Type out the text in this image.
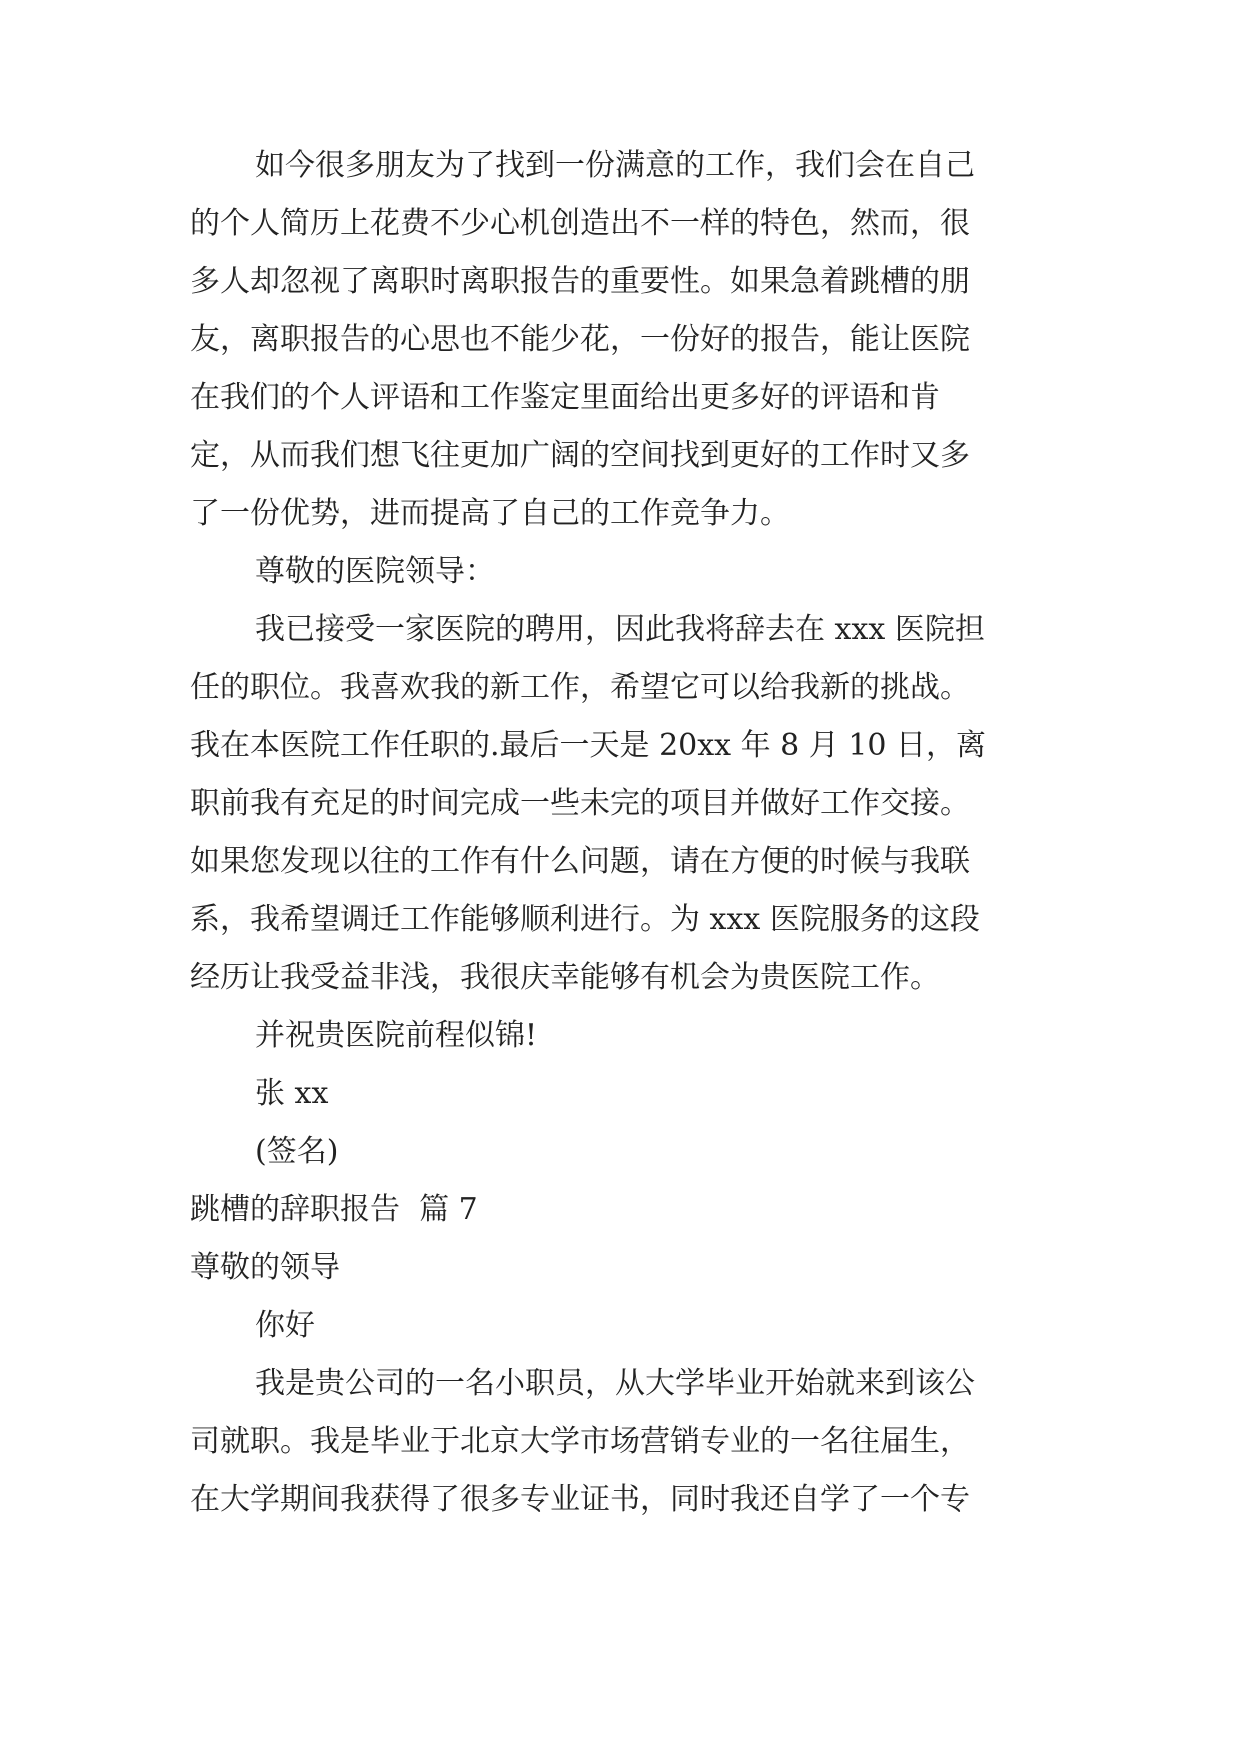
如今很多朋友为了找到一份满意的工作，我们会在自己
的个人简历上花费不少心机创造出不一样的特色，然而，很
多人却忽视了离职时离职报告的重要性。如果急着跳槽的朋
友，离职报告的心思也不能少花，一份好的报告，能让医院
在我们的个人评语和工作鉴定里面给出更多好的评语和肯
定，从而我们想飞往更加广阔的空间找到更好的工作时又多
了一份优势，进而提高了自己的工作竞争力。
尊敬的医院领导：
我已接受一家医院的聘用，因此我将辞去在 xxx 医院担
任的职位。我喜欢我的新工作，希望它可以给我新的挑战。
我在本医院工作任职的.最后一天是 20xx 年 8 月 10 日，离
职前我有充足的时间完成一些未完的项目并做好工作交接。
如果您发现以往的工作有什么问题，请在方便的时候与我联
系，我希望调迁工作能够顺利进行。为 xxx 医院服务的这段
经历让我受益非浅，我很庆幸能够有机会为贵医院工作。
并祝贵医院前程似锦!
张 xx
(签名)
跳槽的辞职报告  篇 7
尊敬的领导
你好
我是贵公司的一名小职员，从大学毕业开始就来到该公
司就职。我是毕业于北京大学市场营销专业的一名往届生，
在大学期间我获得了很多专业证书，同时我还自学了一个专
